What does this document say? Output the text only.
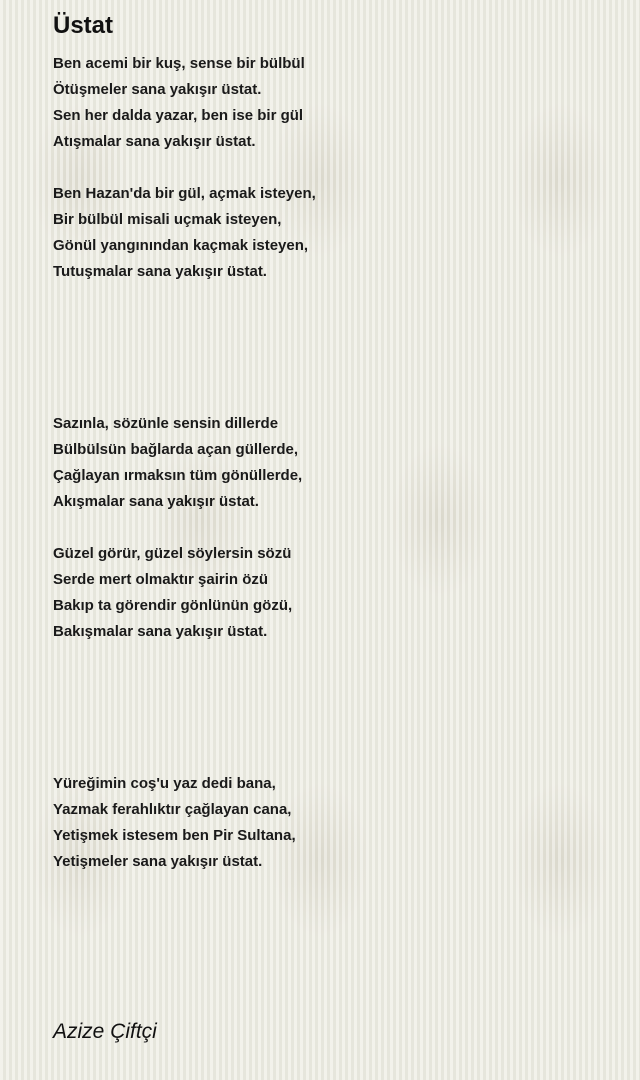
Üstat
Ben acemi bir kuş, sense bir bülbül
Ötüşmeler sana yakışır üstat.
Sen her dalda yazar, ben ise bir gül
Atışmalar sana yakışır üstat.
Ben Hazan'da bir gül, açmak isteyen,
Bir bülbül misali uçmak isteyen,
Gönül yangınından kaçmak isteyen,
Tutuşmalar sana yakışır üstat.
Sazınla, sözünle sensin dillerde
Bülbülsün bağlarda açan güllerde,
Çağlayan ırmaksın tüm gönüllerde,
Akışmalar sana yakışır üstat.
Güzel görür, güzel söylersin sözü
Serde mert olmaktır şairin özü
Bakıp ta görendir gönlünün gözü,
Bakışmalar sana yakışır üstat.
Yüreğimin coş'u yaz dedi bana,
Yazmak ferahlıktır çağlayan cana,
Yetişmek istesem ben Pir Sultana,
Yetişmeler sana yakışır üstat.
Azize Çiftçi
